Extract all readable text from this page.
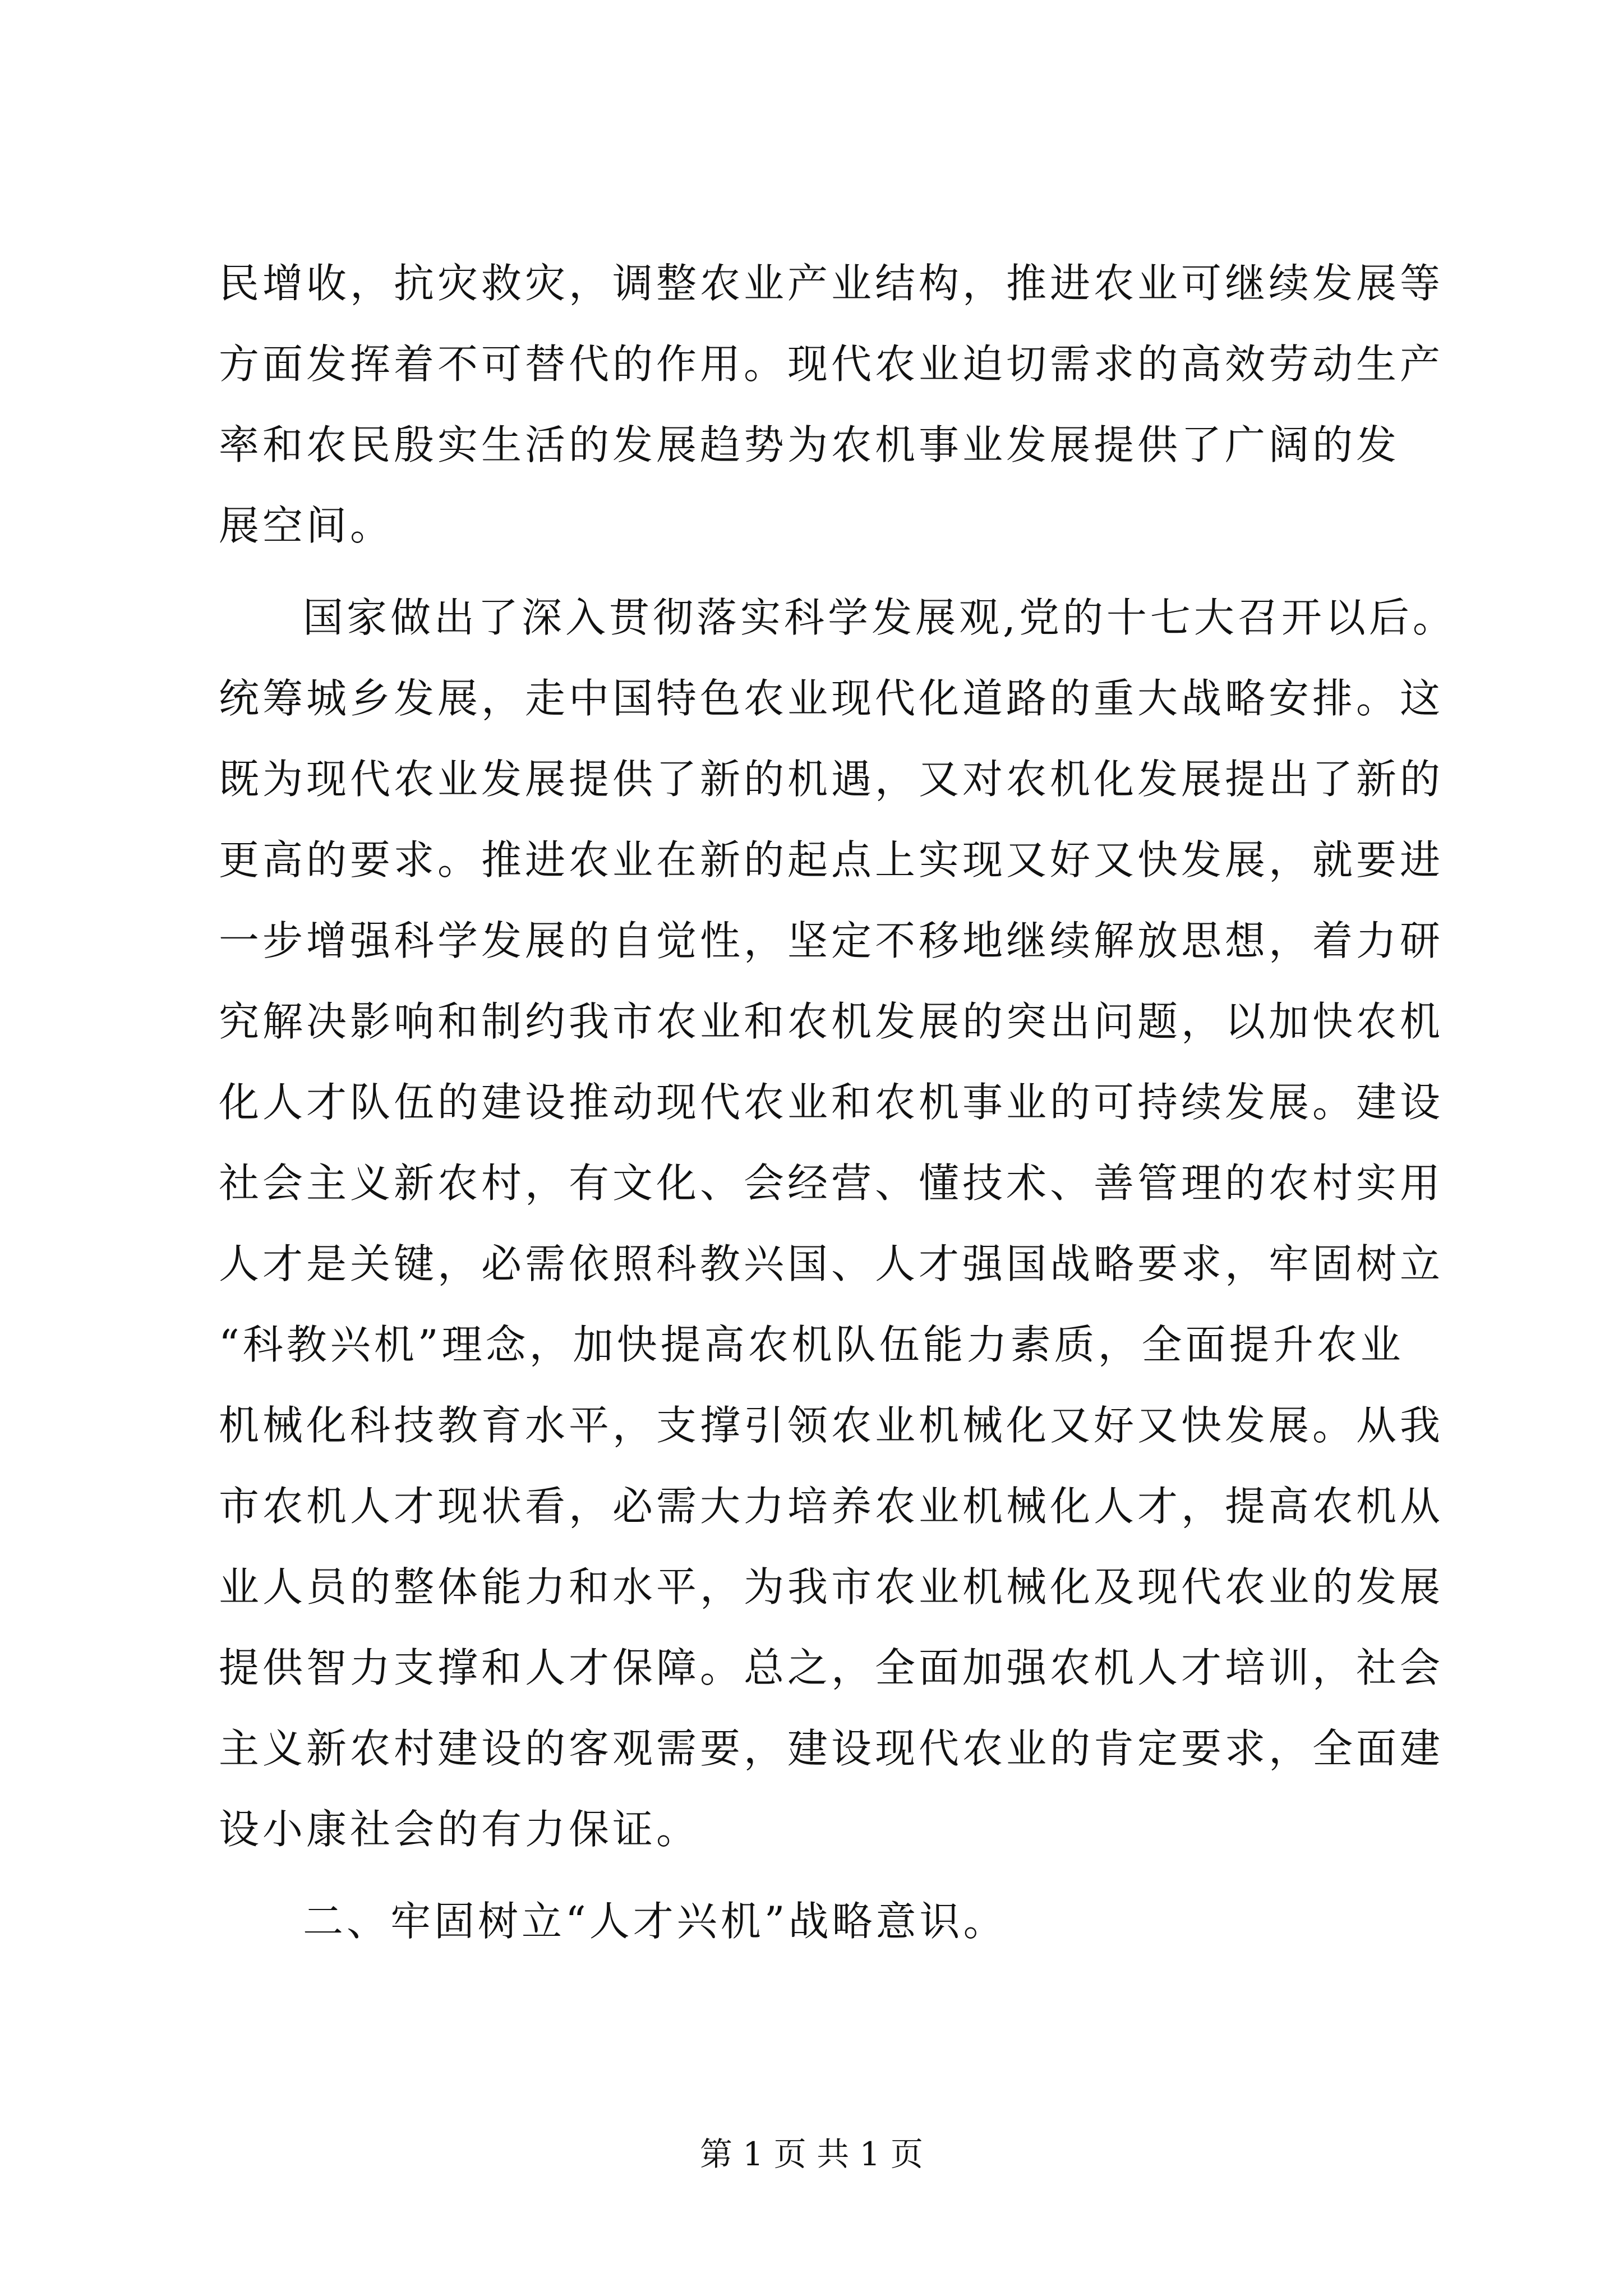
民增收，抗灾救灾，调整农业产业结构，推进农业可继续发展等
方面发挥着不可替代的作用。现代农业迫切需求的高效劳动生产
率和农民殷实生活的发展趋势为农机事业发展提供了广阔的发
展空间。
国家做出了深入贯彻落实科学发展观,党的十七大召开以后。
统筹城乡发展，走中国特色农业现代化道路的重大战略安排。这
既为现代农业发展提供了新的机遇，又对农机化发展提出了新的
更高的要求。推进农业在新的起点上实现又好又快发展，就要进
一步增强科学发展的自觉性，坚定不移地继续解放思想，着力研
究解决影响和制约我市农业和农机发展的突出问题，以加快农机
化人才队伍的建设推动现代农业和农机事业的可持续发展。建设
社会主义新农村，有文化、会经营、懂技术、善管理的农村实用
人才是关键，必需依照科教兴国、人才强国战略要求，牢固树立
“科教兴机”理念，加快提高农机队伍能力素质，全面提升农业
机械化科技教育水平，支撑引领农业机械化又好又快发展。从我
市农机人才现状看，必需大力培养农业机械化人才，提高农机从
业人员的整体能力和水平，为我市农业机械化及现代农业的发展
提供智力支撑和人才保障。总之，全面加强农机人才培训，社会
主义新农村建设的客观需要，建设现代农业的肯定要求，全面建
设小康社会的有力保证。
二、牢固树立“人才兴机”战略意识。
第 1 页 共 1 页
